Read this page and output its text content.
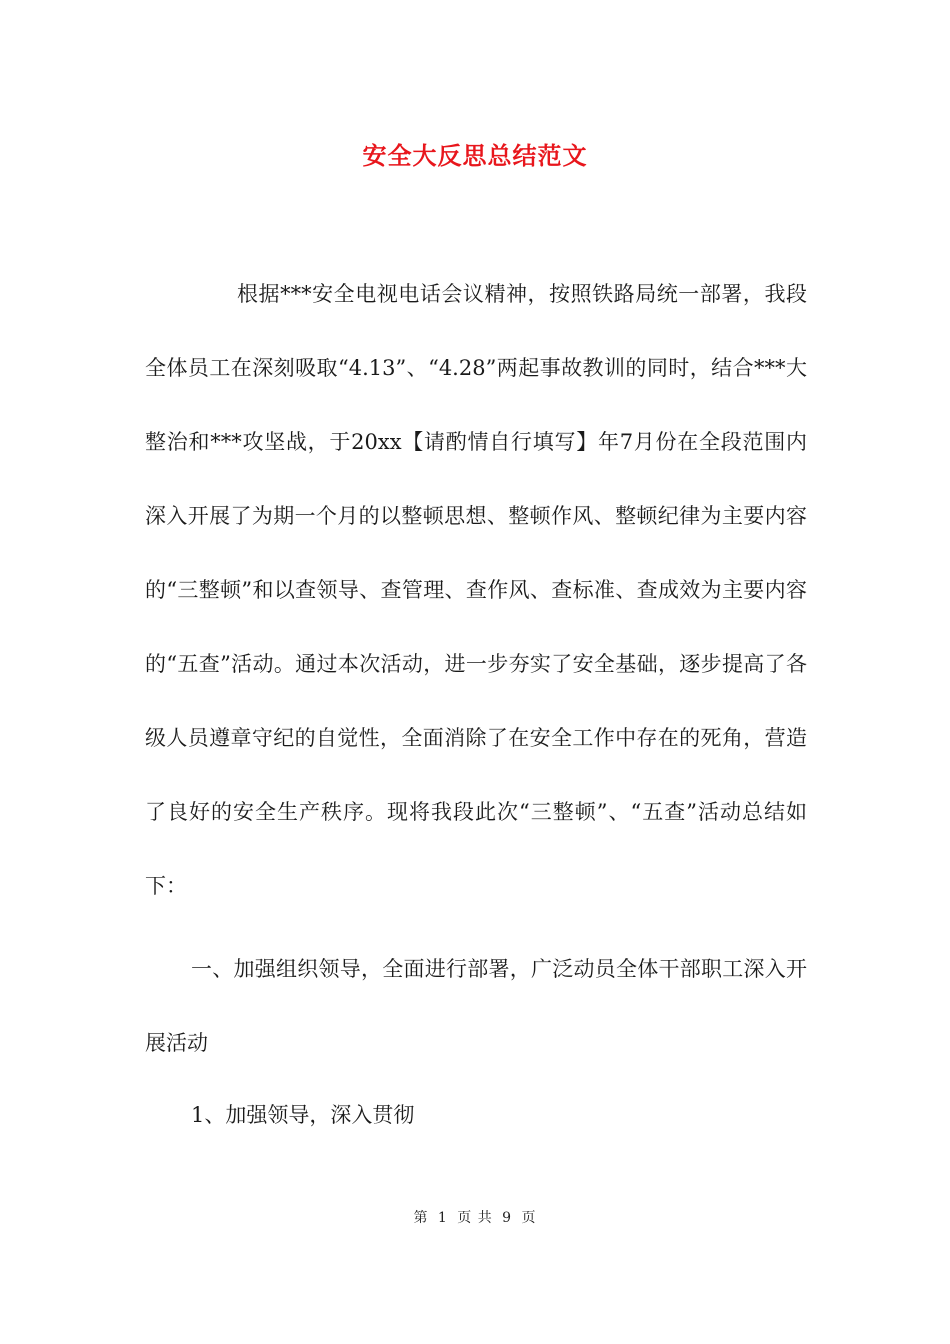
安全大反思总结范文

根据***安全电视电话会议精神，按照铁路局统一部署，我段全体员工在深刻吸取“4.13”、“4.28”两起事故教训的同时，结合***大整治和***攻坚战，于20xx【请酌情自行填写】年7月份在全段范围内深入开展了为期一个月的以整顿思想、整顿作风、整顿纪律为主要内容的“三整顿”和以查领导、查管理、查作风、查标准、查成效为主要内容的“五查”活动。通过本次活动，进一步夯实了安全基础，逐步提高了各级人员遵章守纪的自觉性，全面消除了在安全工作中存在的死角，营造了良好的安全生产秩序。现将我段此次“三整顿”、“五查”活动总结如下：

一、加强组织领导，全面进行部署，广泛动员全体干部职工深入开展活动

1、加强领导，深入贯彻

第 1 页 共 9 页
